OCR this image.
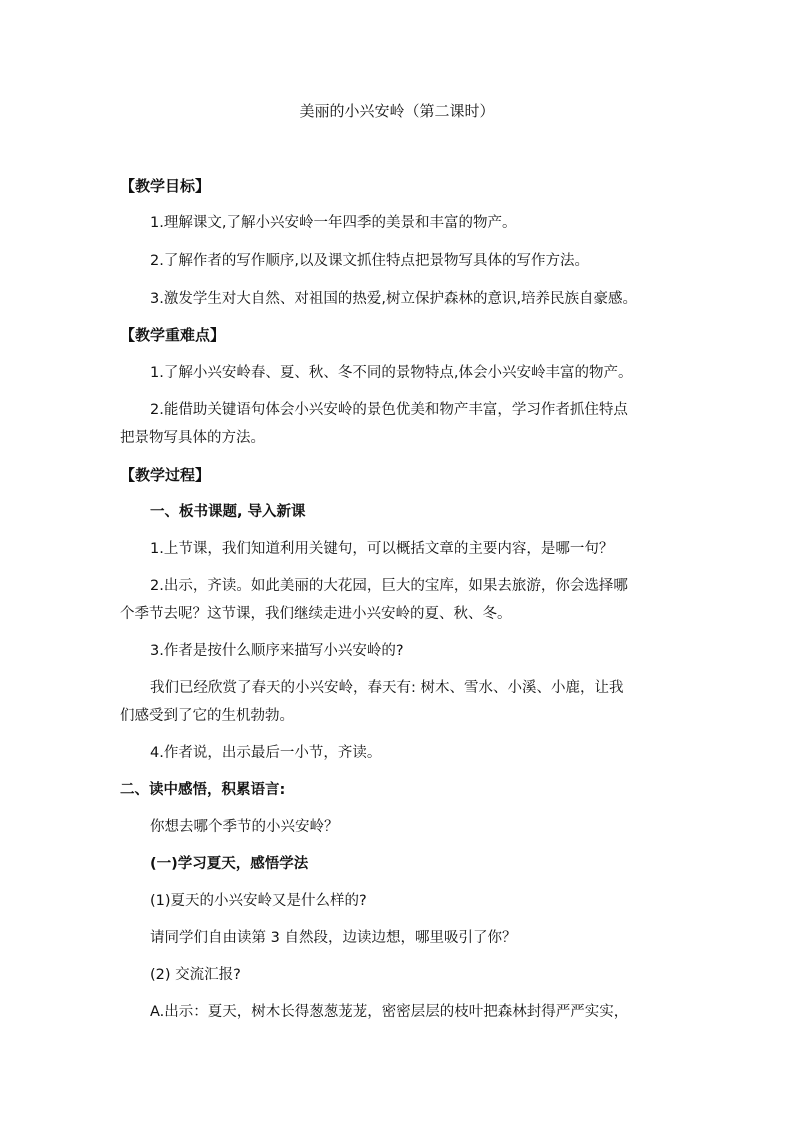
美丽的小兴安岭（第二课时）
【教学目标】
1.理解课文,了解小兴安岭一年四季的美景和丰富的物产。
2.了解作者的写作顺序,以及课文抓住特点把景物写具体的写作方法。
3.激发学生对大自然、对祖国的热爱,树立保护森林的意识,培养民族自豪感。
【教学重难点】
1.了解小兴安岭春、夏、秋、冬不同的景物特点,体会小兴安岭丰富的物产。
2.能借助关键语句体会小兴安岭的景色优美和物产丰富，学习作者抓住特点
把景物写具体的方法。
【教学过程】
一、板书课题, 导入新课
1.上节课，我们知道利用关键句，可以概括文章的主要内容，是哪一句？
2.出示，齐读。如此美丽的大花园，巨大的宝库，如果去旅游，你会选择哪
个季节去呢？这节课，我们继续走进小兴安岭的夏、秋、冬。
3.作者是按什么顺序来描写小兴安岭的?
我们已经欣赏了春天的小兴安岭，春天有: 树木、雪水、小溪、小鹿，让我
们感受到了它的生机勃勃。
4.作者说，出示最后一小节，齐读。
二、读中感悟，积累语言:
你想去哪个季节的小兴安岭？
(一)学习夏天，感悟学法
(1)夏天的小兴安岭又是什么样的?
请同学们自由读第 3 自然段，边读边想，哪里吸引了你？
(2) 交流汇报?
A.出示：夏天，树木长得葱葱茏茏，密密层层的枝叶把森林封得严严实实，
